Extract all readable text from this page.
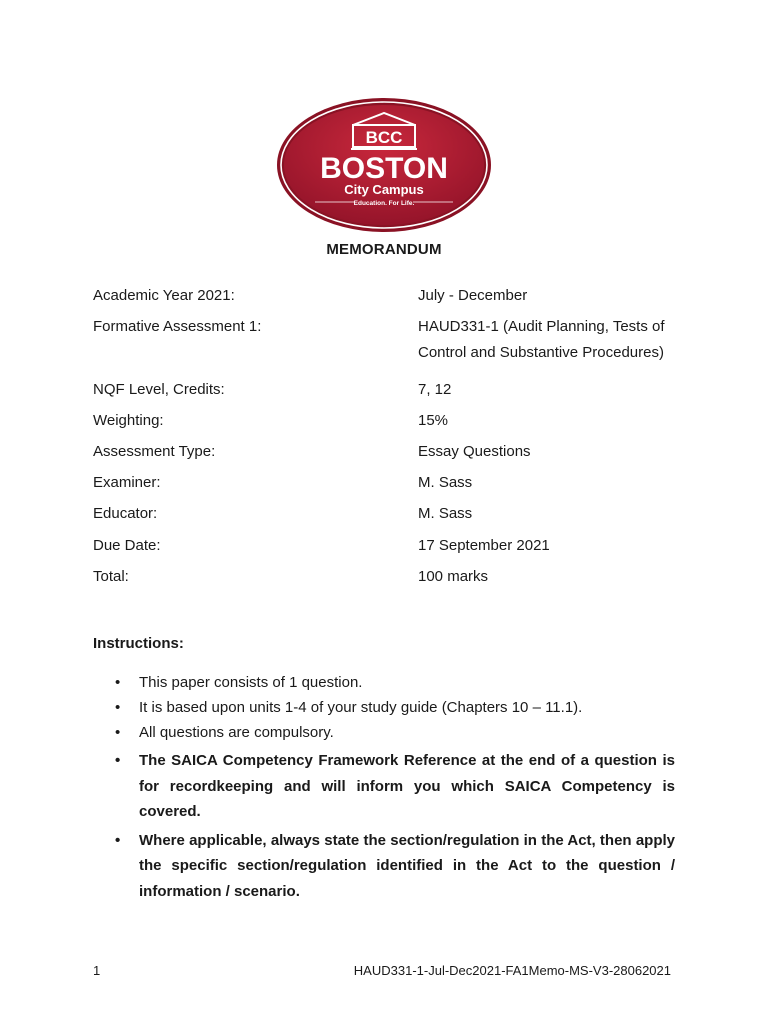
BCC
BOSTON
City Campus
Education. For Life.
MEMORANDUM
Academic Year 2021:	July - December
Formative Assessment 1:	HAUD331-1 (Audit Planning, Tests of Control and Substantive Procedures)
NQF Level, Credits:	7, 12
Weighting:	15%
Assessment Type:	Essay Questions
Examiner:	M. Sass
Educator:	M. Sass
Due Date:	17 September 2021
Total:	100 marks
Instructions:
• This paper consists of 1 question.
• It is based upon units 1-4 of your study guide (Chapters 10 – 11.1).
• All questions are compulsory.
• The SAICA Competency Framework Reference at the end of a question is for recordkeeping and will inform you which SAICA Competency is covered.
• Where applicable, always state the section/regulation in the Act, then apply the specific section/regulation identified in the Act to the question / information / scenario.
1	HAUD331-1-Jul-Dec2021-FA1Memo-MS-V3-28062021
